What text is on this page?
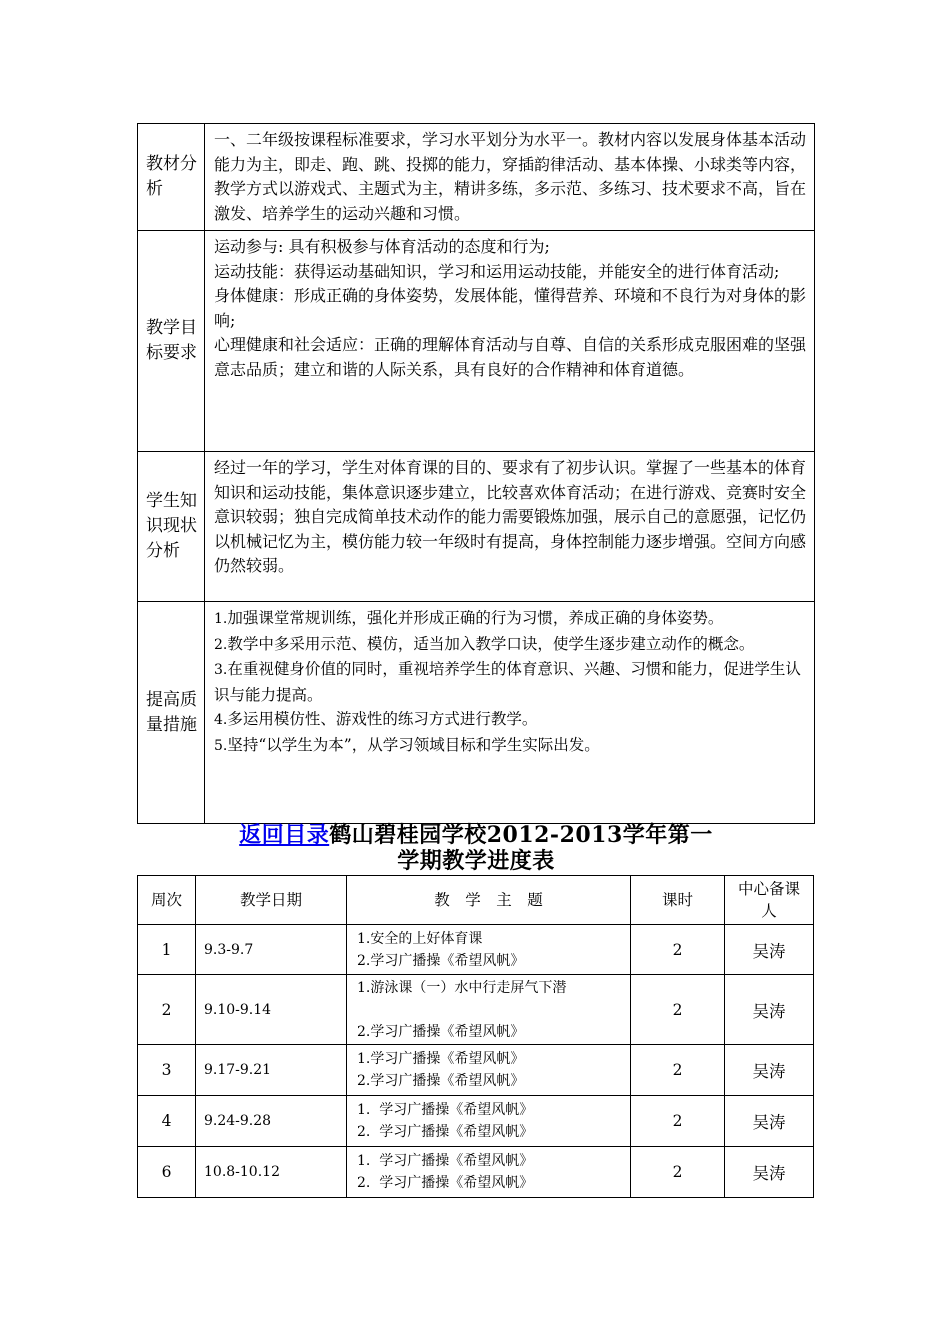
教材分析	一、二年级按课程标准要求，学习水平划分为水平一。教材内容以发展身体基本活动能力为主，即走、跑、跳、投掷的能力，穿插韵律活动、基本体操、小球类等内容，教学方式以游戏式、主题式为主，精讲多练，多示范、多练习、技术要求不高，旨在激发、培养学生的运动兴趣和习惯。

教学目标要求	运动参与: 具有积极参与体育活动的态度和行为;

运动技能：获得运动基础知识，学习和运用运动技能，并能安全的进行体育活动;

身体健康：形成正确的身体姿势，发展体能，懂得营养、环境和不良行为对身体的影响;

心理健康和社会适应：正确的理解体育活动与自尊、自信的关系形成克服困难的坚强意志品质；建立和谐的人际关系，具有良好的合作精神和体育道德。

学生知识现状分析	经过一年的学习，学生对体育课的目的、要求有了初步认识。掌握了一些基本的体育知识和运动技能，集体意识逐步建立，比较喜欢体育活动；在进行游戏、竞赛时安全意识较弱；独自完成简单技术动作的能力需要锻炼加强，展示自己的意愿强，记忆仍以机械记忆为主，模仿能力较一年级时有提高，身体控制能力逐步增强。空间方向感仍然较弱。

提高质量措施	1.加强课堂常规训练，强化并形成正确的行为习惯，养成正确的身体姿势。

2.教学中多采用示范、模仿，适当加入教学口诀，使学生逐步建立动作的概念。

3.在重视健身价值的同时，重视培养学生的体育意识、兴趣、习惯和能力，促进学生认识与能力提高。

4.多运用模仿性、游戏性的练习方式进行教学。

5.坚持“以学生为本”，从学习领域目标和学生实际出发。

返回目录鹤山碧桂园学校2012-2013学年第一
学期教学进度表
周次	教学日期	教　学　主　题	课时	中心备课人
1	9.3-9.7	1.安全的上好体育课
2.学习广播操《希望风帆》	2	吴涛
2	9.10-9.14	1.游泳课（一）水中行走屏气下潜
2.学习广播操《希望风帆》	2	吴涛
3	9.17-9.21	1.学习广播操《希望风帆》
2.学习广播操《希望风帆》	2	吴涛
4	9.24-9.28	1.  学习广播操《希望风帆》
2.  学习广播操《希望风帆》	2	吴涛
6	10.8-10.12	1.  学习广播操《希望风帆》
2.  学习广播操《希望风帆》	2	吴涛
